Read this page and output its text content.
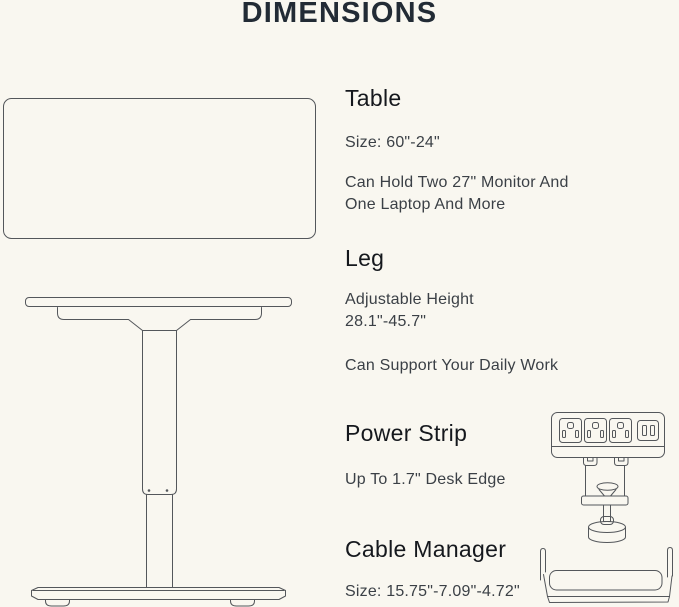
DIMENSIONS
Table

Size: 60"-24"

Can Hold Two 27" Monitor And
One Laptop And More

Leg

Adjustable Height
28.1"-45.7"

Can Support Your Daily Work

Power Strip

Up To 1.7" Desk Edge

Cable Manager

Size: 15.75"-7.09"-4.72"
